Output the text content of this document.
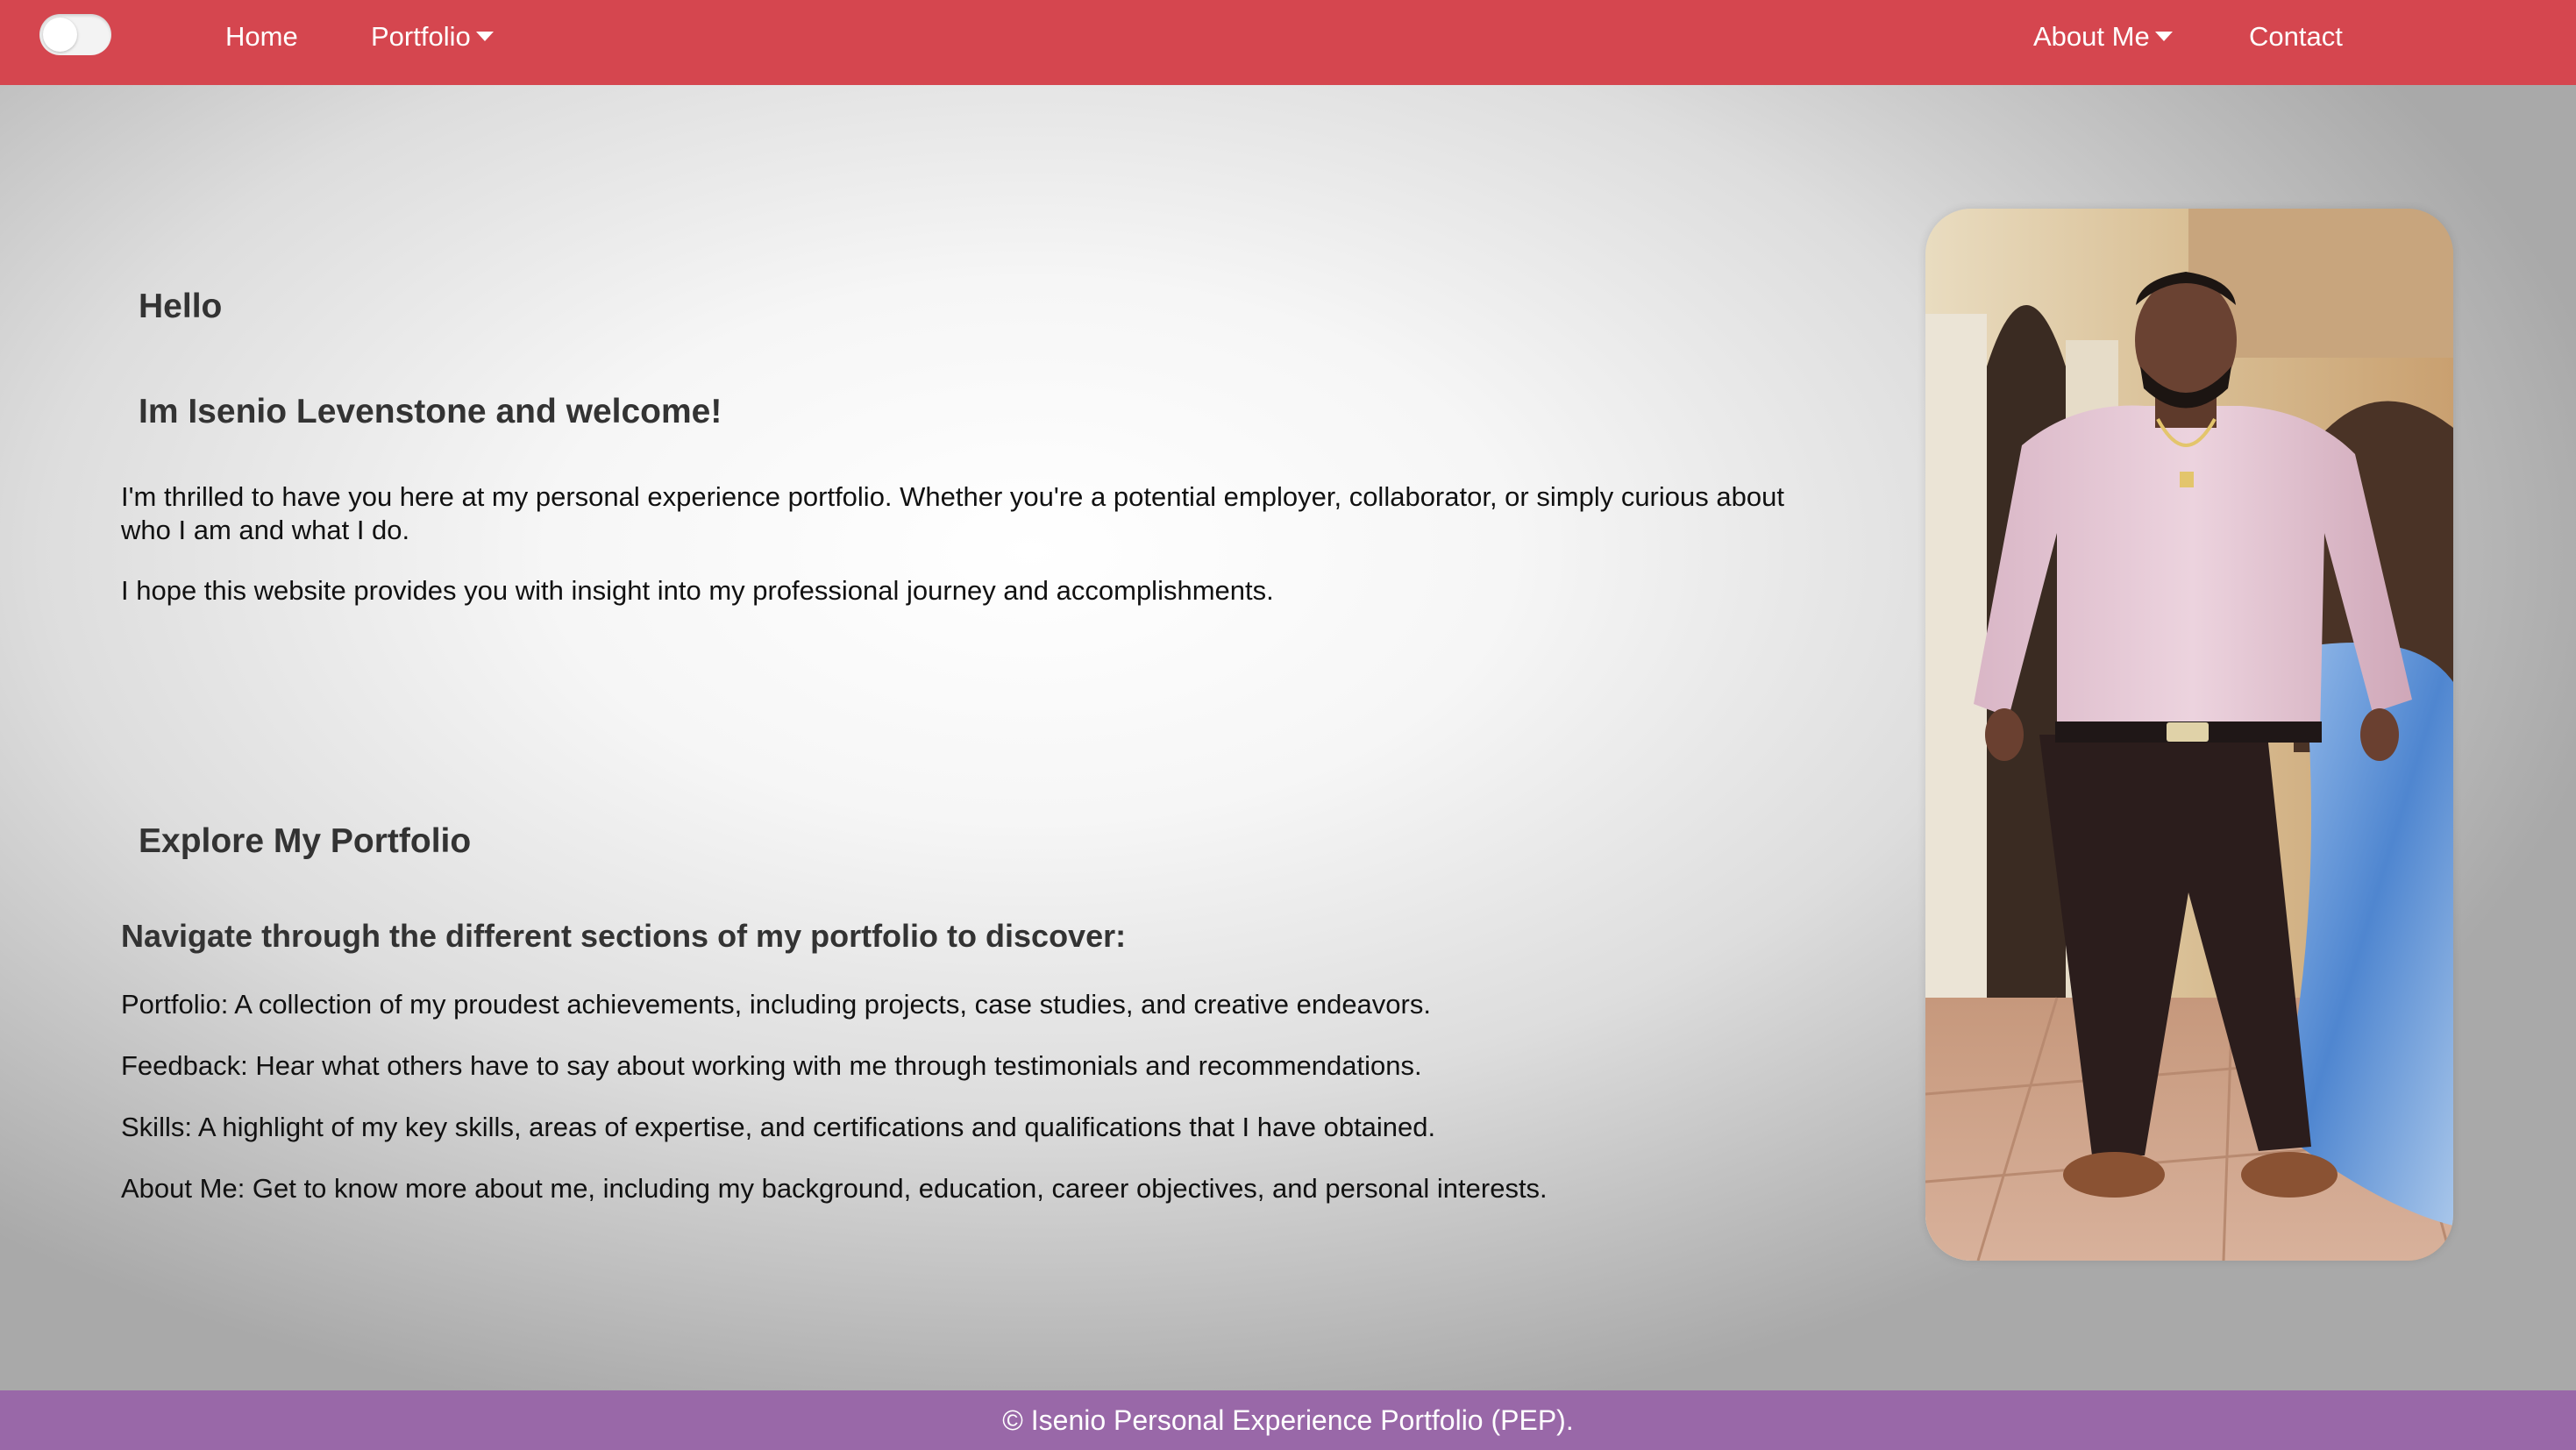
Home	Portfolio	About Me	Contact
Hello
Im Isenio Levenstone and welcome!

I'm thrilled to have you here at my personal experience portfolio. Whether you're a potential employer, collaborator, or simply curious about who I am and what I do.

I hope this website provides you with insight into my professional journey and accomplishments.

Explore My Portfolio
Navigate through the different sections of my portfolio to discover:

Portfolio: A collection of my proudest achievements, including projects, case studies, and creative endeavors.

Feedback: Hear what others have to say about working with me through testimonials and recommendations.

Skills: A highlight of my key skills, areas of expertise, and certifications and qualifications that I have obtained.

About Me: Get to know more about me, including my background, education, career objectives, and personal interests.

© Isenio Personal Experience Portfolio (PEP).
